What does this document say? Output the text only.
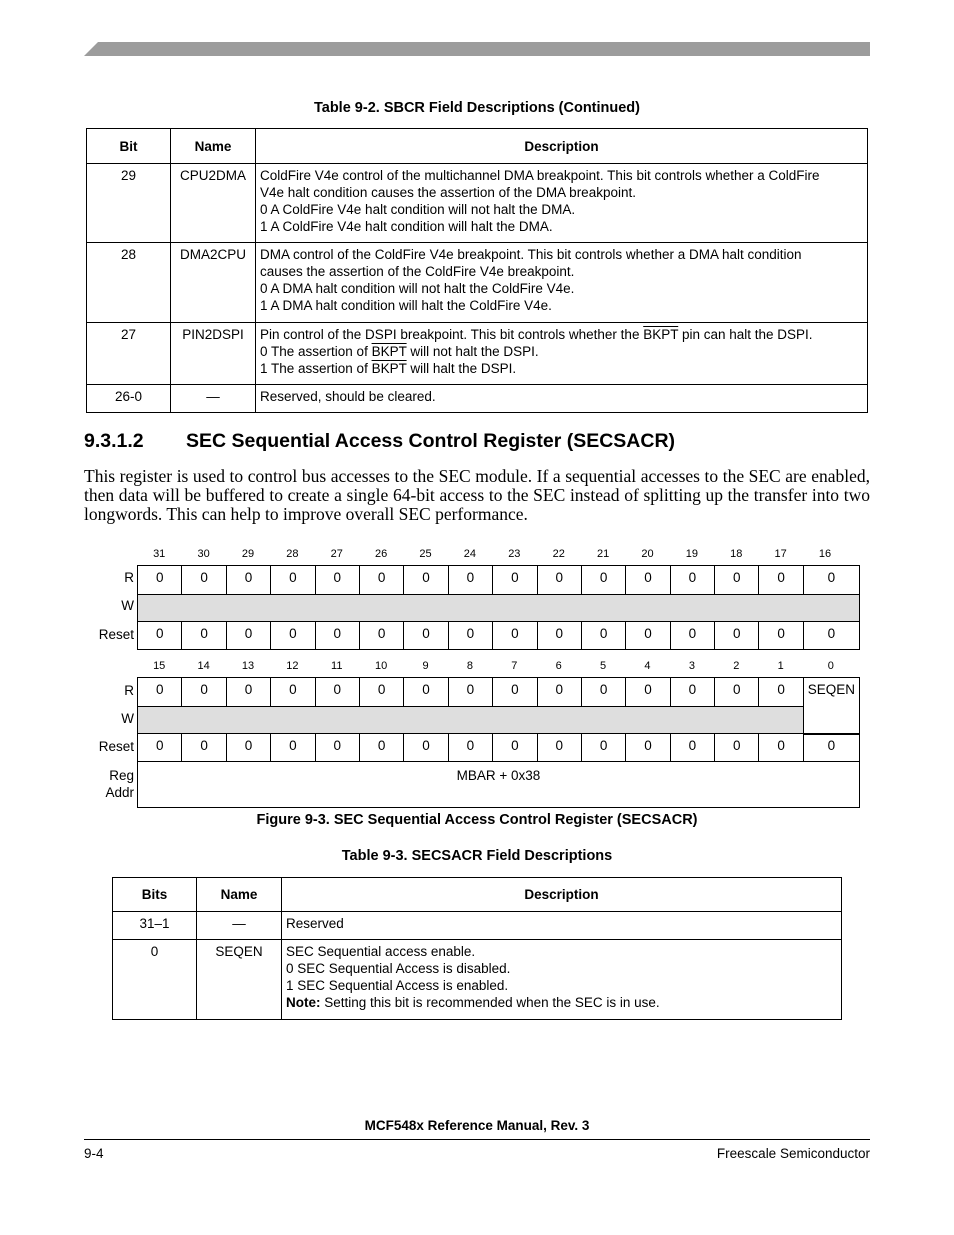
Table 9-2. SBCR Field Descriptions (Continued)
Bit	Name	Description
29	CPU2DMA	ColdFire V4e control of the multichannel DMA breakpoint. This bit controls whether a ColdFire
V4e halt condition causes the assertion of the DMA breakpoint.
0 A ColdFire V4e halt condition will not halt the DMA.
1 A ColdFire V4e halt condition will halt the DMA.

28	DMA2CPU	DMA control of the ColdFire V4e breakpoint. This bit controls whether a DMA halt condition
causes the assertion of the ColdFire V4e breakpoint.
0 A DMA halt condition will not halt the ColdFire V4e.
1 A DMA halt condition will halt the ColdFire V4e.

27	PIN2DSPI	Pin control of the DSPI breakpoint. This bit controls whether the BKPT pin can halt the DSPI.
0 The assertion of BKPT will not halt the DSPI.
1 The assertion of BKPT will halt the DSPI.

26-0	—	Reserved, should be cleared.
9.3.1.2 SEC Sequential Access Control Register (SECSACR)
This register is used to control bus accesses to the SEC module. If a sequential accesses to the SEC are enabled, then data will be buffered to create a single 64-bit access to the SEC instead of splitting up the transfer into two longwords. This can help to improve overall SEC performance.
31	30	29	28	27	26	25	24	23	22	21	20	19	18	17	16
R	0	0	0	0	0	0	0	0	0	0	0	0	0	0	0	0
W
Reset	0	0	0	0	0	0	0	0	0	0	0	0	0	0	0	0
15	14	13	12	11	10	9	8	7	6	5	4	3	2	1	0
R	0	0	0	0	0	0	0	0	0	0	0	0	0	0	0	SEQEN
W
Reset	0	0	0	0	0	0	0	0	0	0	0	0	0	0	0	0
Reg
Addr
MBAR + 0x38
Figure 9-3. SEC Sequential Access Control Register (SECSACR)
Table 9-3. SECSACR Field Descriptions
Bits	Name	Description
31–1	—	Reserved

0	SEQEN	SEC Sequential access enable.
0 SEC Sequential Access is disabled.
1 SEC Sequential Access is enabled.
Note: Setting this bit is recommended when the SEC is in use.
MCF548x Reference Manual, Rev. 3
9-4	Freescale Semiconductor
